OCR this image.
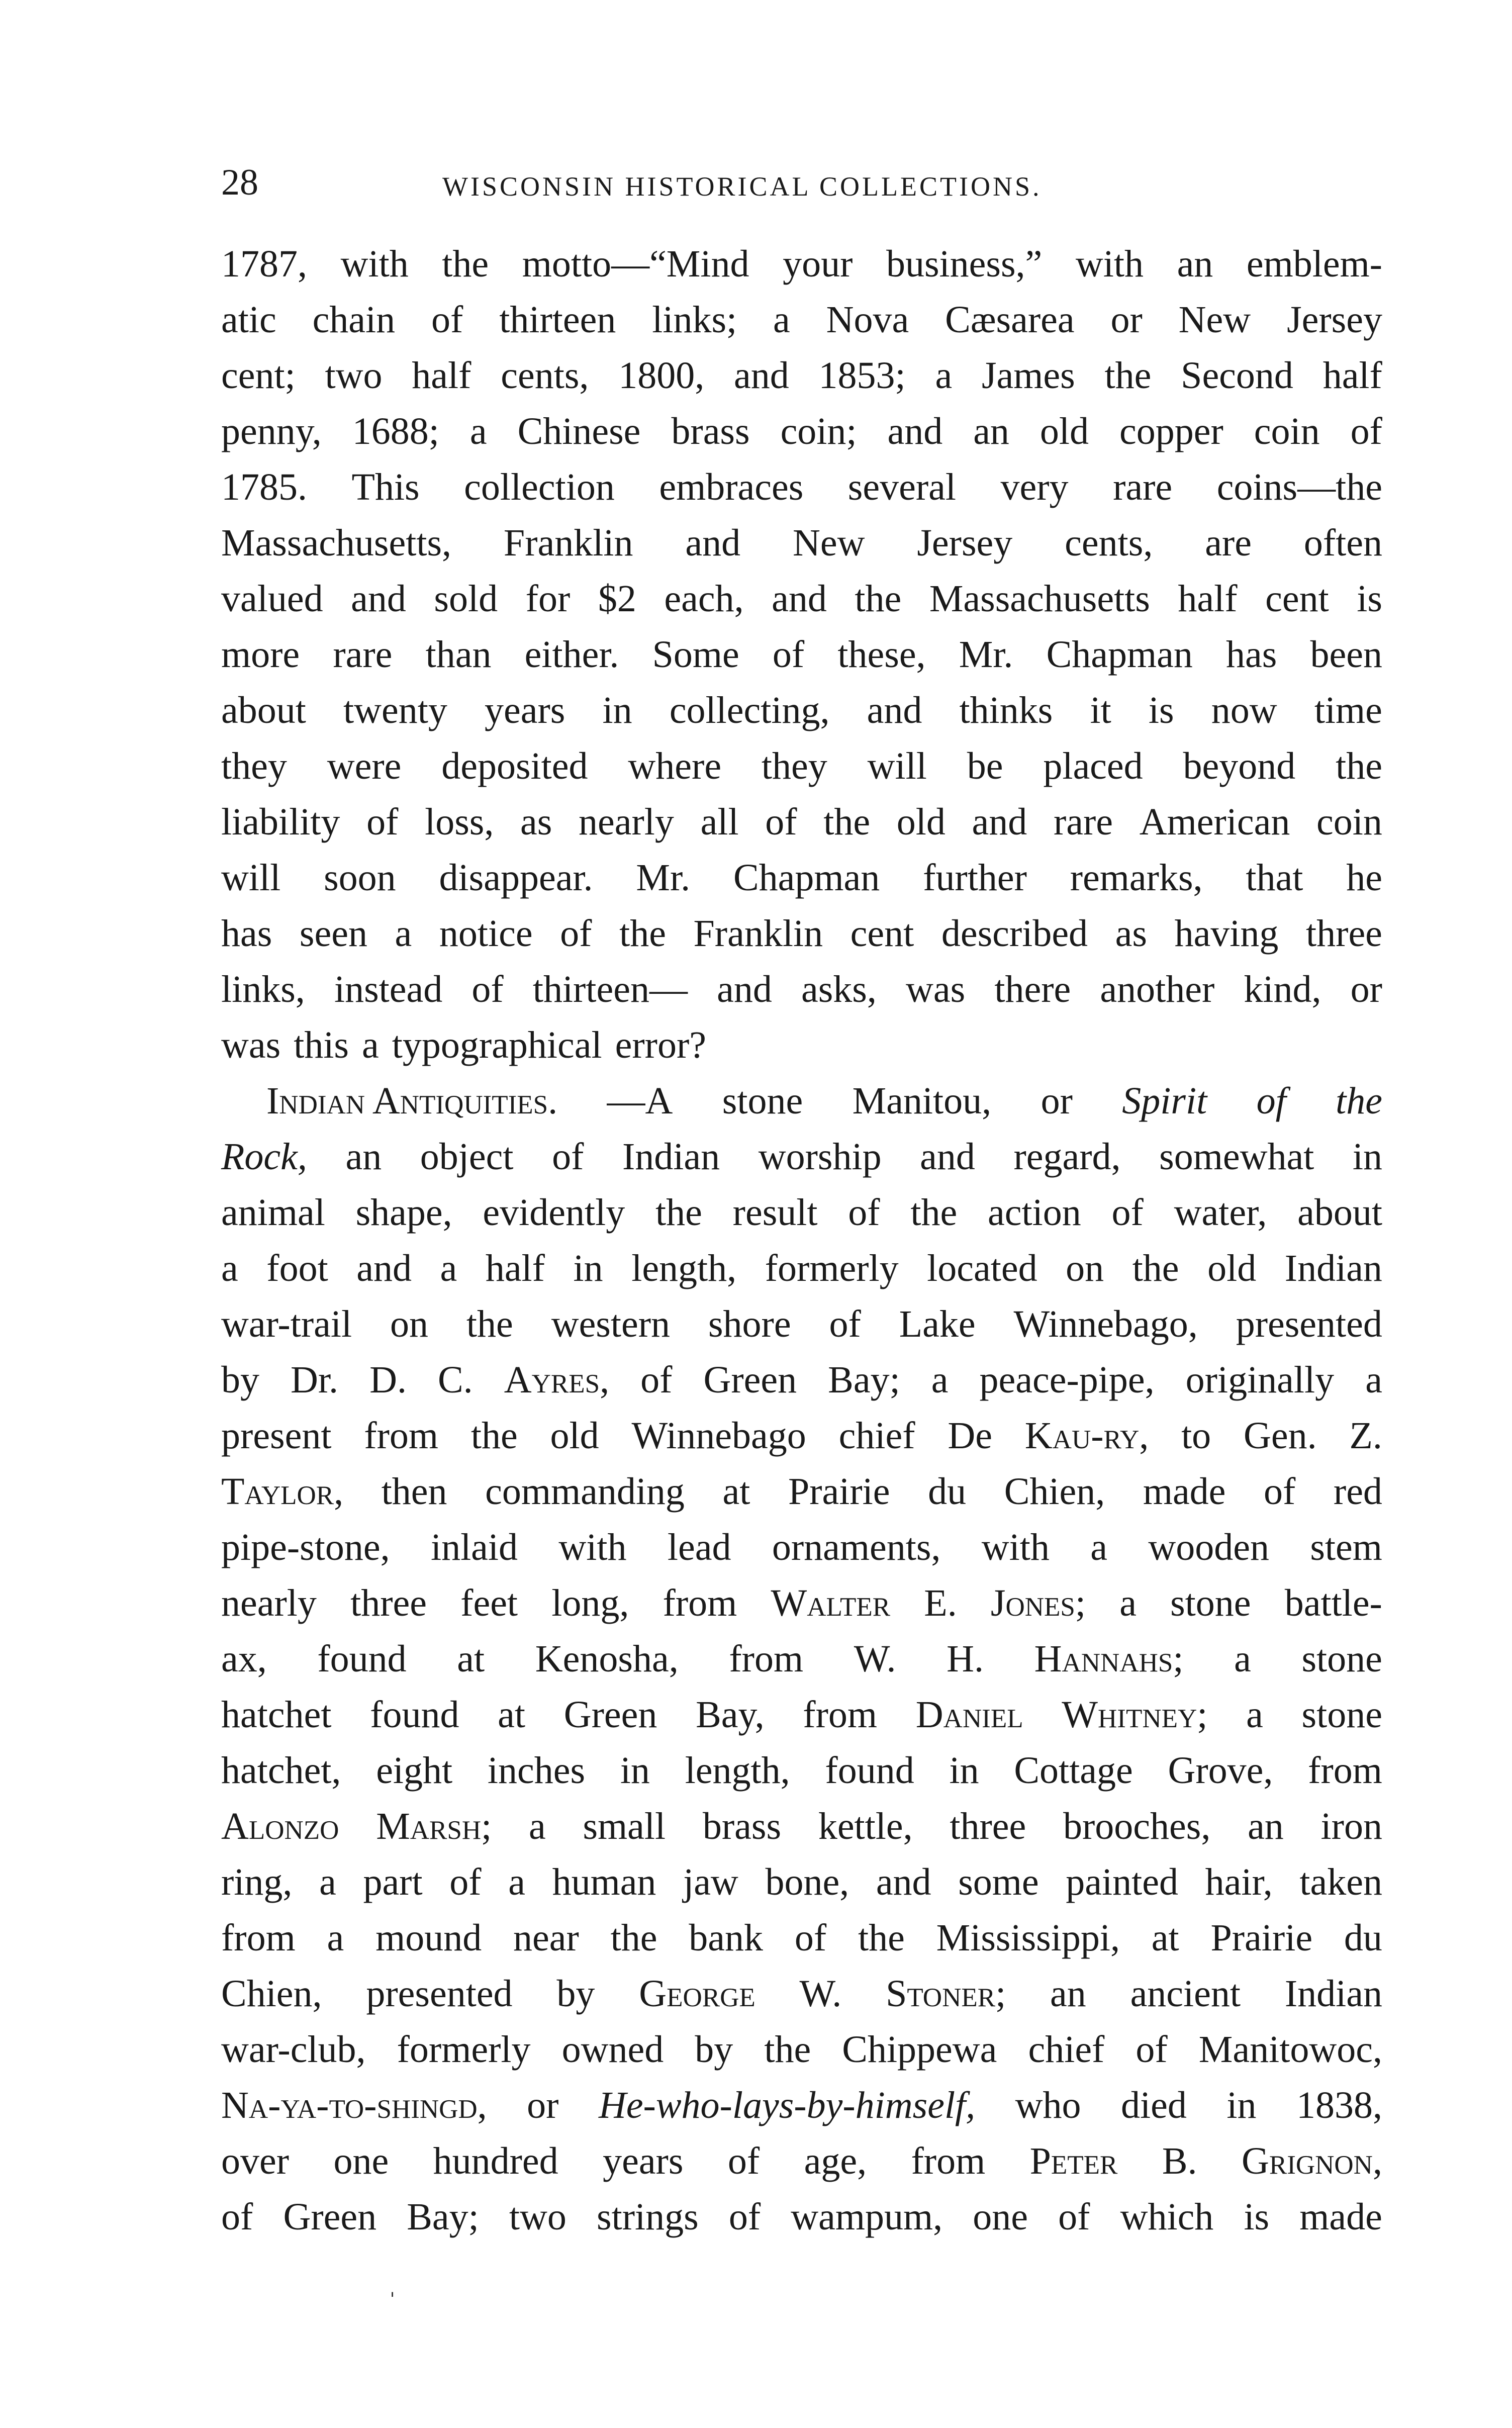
28	WISCONSIN HISTORICAL COLLECTIONS.
1787, with the motto—“Mind your business,” with an emblem-
atic chain of thirteen links; a Nova Cæsarea or New Jersey
cent; two half cents, 1800, and 1853; a James the Second half
penny, 1688; a Chinese brass coin; and an old copper coin of
1785. This collection embraces several very rare coins—the
Massachusetts, Franklin and New Jersey cents, are often
valued and sold for $2 each, and the Massachusetts half cent is
more rare than either. Some of these, Mr. Chapman has been
about twenty years in collecting, and thinks it is now time
they were deposited where they will be placed beyond the
liability of loss, as nearly all of the old and rare American coin
will soon disappear. Mr. Chapman further remarks, that he
has seen a notice of the Franklin cent described as having three
links, instead of thirteen— and asks, was there another kind, or
was this a typographical error?
Indian Antiquities. —A stone Manitou, or Spirit of the
Rock, an object of Indian worship and regard, somewhat in
animal shape, evidently the result of the action of water, about
a foot and a half in length, formerly located on the old Indian
war-trail on the western shore of Lake Winnebago, presented
by Dr. D. C. Ayres, of Green Bay; a peace-pipe, originally a
present from the old Winnebago chief De Kau-ry, to Gen. Z.
Taylor, then commanding at Prairie du Chien, made of red
pipe-stone, inlaid with lead ornaments, with a wooden stem
nearly three feet long, from Walter E. Jones; a stone battle-
ax, found at Kenosha, from W. H. Hannahs; a stone
hatchet found at Green Bay, from Daniel Whitney; a stone
hatchet, eight inches in length, found in Cottage Grove, from
Alonzo Marsh; a small brass kettle, three brooches, an iron
ring, a part of a human jaw bone, and some painted hair, taken
from a mound near the bank of the Mississippi, at Prairie du
Chien, presented by George W. Stoner; an ancient Indian
war-club, formerly owned by the Chippewa chief of Manitowoc,
Na-ya-to-shingd, or He-who-lays-by-himself, who died in 1838,
over one hundred years of age, from Peter B. Grignon,
of Green Bay; two strings of wampum, one of which is made
ˌ
